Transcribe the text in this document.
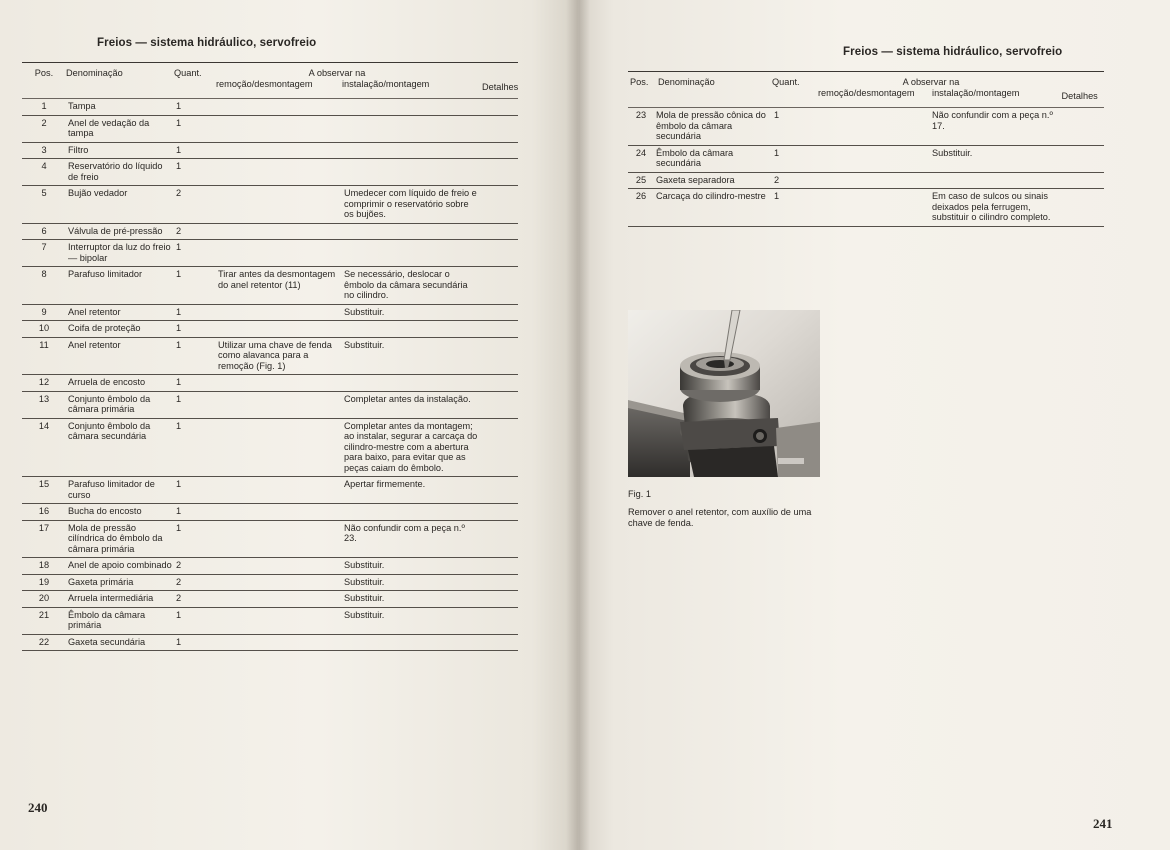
Freios — sistema hidráulico, servofreio
Pos.	Denominação	Quant.	A observar na
remoção/desmontagem instalação/montagem Detalhes		

1	Tampa	1			
2	Anel de vedação da tampa	1			
3	Filtro	1			
4	Reservatório do líquido de freio	1			
5	Bujão vedador	2		Umedecer com líquido de freio e comprimir o reservatório sobre os bujões.	
6	Válvula de pré-pressão	2			
7	Interruptor da luz do freio — bipolar	1			
8	Parafuso limitador	1	Tirar antes da desmontagem do anel retentor (11)	Se necessário, deslocar o êmbolo da câmara secundária no cilindro.	
9	Anel retentor	1		Substituir.	
10	Coifa de proteção	1			
11	Anel retentor	1	Utilizar uma chave de fenda como alavanca para a remoção (Fig. 1)	Substituir.	
12	Arruela de encosto	1			
13	Conjunto êmbolo da câmara primária	1		Completar antes da instalação.	
14	Conjunto êmbolo da câmara secundária	1		Completar antes da montagem; ao instalar, segurar a carcaça do cilindro-mestre com a abertura para baixo, para evitar que as peças caiam do êmbolo.	
15	Parafuso limitador de curso	1		Apertar firmemente.	
16	Bucha do encosto	1			
17	Mola de pressão cilíndrica do êmbolo da câmara primária	1		Não confundir com a peça n.º 23.	
18	Anel de apoio combinado	2		Substituir.	
19	Gaxeta primária	2		Substituir.	
20	Arruela intermediária	2		Substituir.	
21	Êmbolo da câmara primária	1		Substituir.	
22	Gaxeta secundária	1			
240
Freios — sistema hidráulico, servofreio
Pos.	Denominação	Quant.	A observar na
remoção/desmontagem instalação/montagem Detalhes		

23	Mola de pressão cônica do êmbolo da câmara secundária	1		Não confundir com a peça n.º 17.	
24	Êmbolo da câmara secundária	1		Substituir.	
25	Gaxeta separadora	2			
26	Carcaça do cilindro-mestre	1		Em caso de sulcos ou sinais deixados pela ferrugem, substituir o cilindro completo.	
241
Fig. 1
Remover o anel retentor, com auxílio de uma chave de fenda.
